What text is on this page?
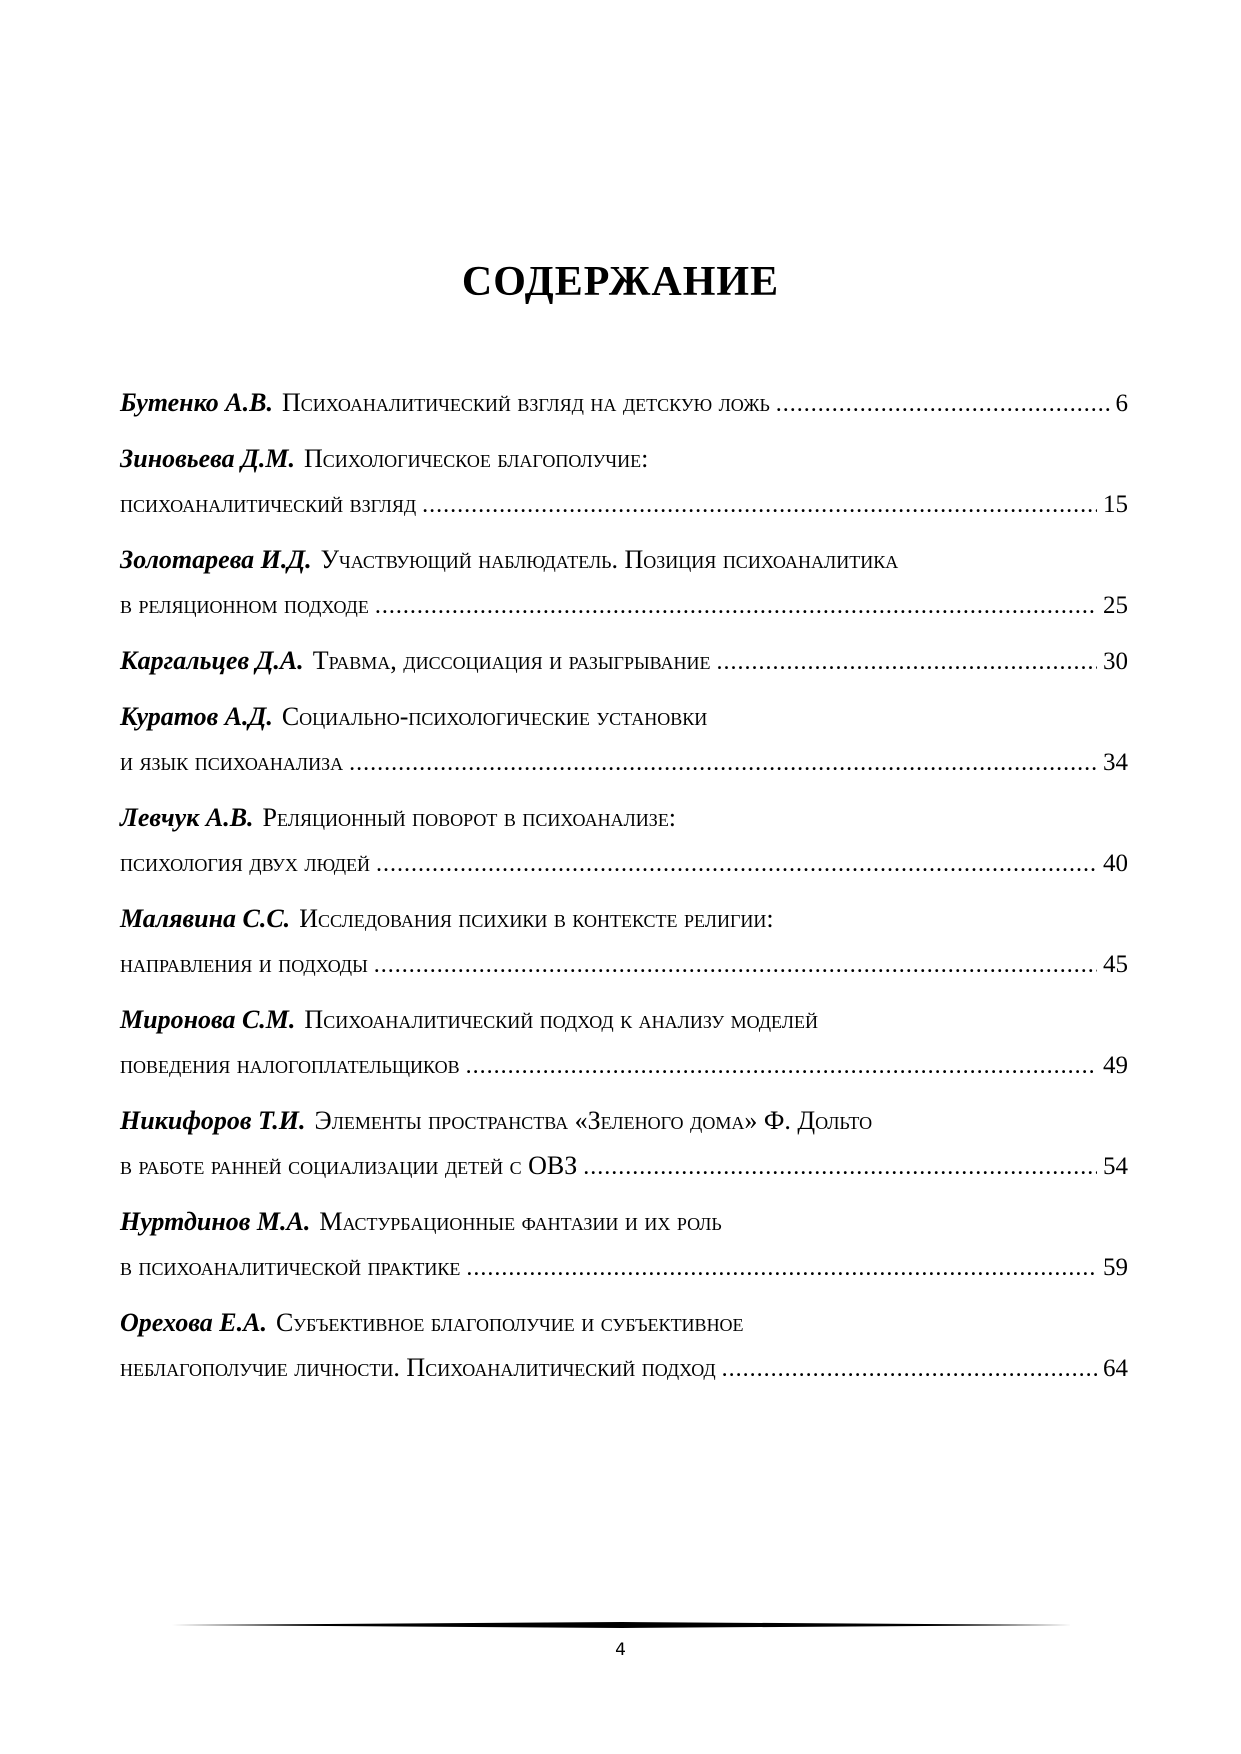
СОДЕРЖАНИЕ
Бутенко А.В. Психоаналитический взгляд на детскую ложь .....	6
Зиновьева Д.М. Психологическое благополучие:
психоаналитический взгляд .....	15
Золотарева И.Д. Участвующий наблюдатель. Позиция психоаналитика
в реляционном подходе .....	25
Каргальцев Д.А. Травма, диссоциация и разыгрывание .....	30
Куратов А.Д. Социально-психологические установки
и язык психоанализа .....	34
Левчук А.В. Реляционный поворот в психоанализе:
психология двух людей .....	40
Малявина С.С. Исследования психики в контексте религии:
направления и подходы .....	45
Миронова С.М. Психоаналитический подход к анализу моделей
поведения налогоплательщиков .....	49
Никифоров Т.И. Элементы пространства «Зеленого дома» Ф. Дольто
в работе ранней социализации детей с ОВЗ .....	54
Нуртдинов М.А. Мастурбационные фантазии и их роль
в психоаналитической практике .....	59
Орехова Е.А. Субъективное благополучие и субъективное
неблагополучие личности. Психоаналитический подход .....	64
4
